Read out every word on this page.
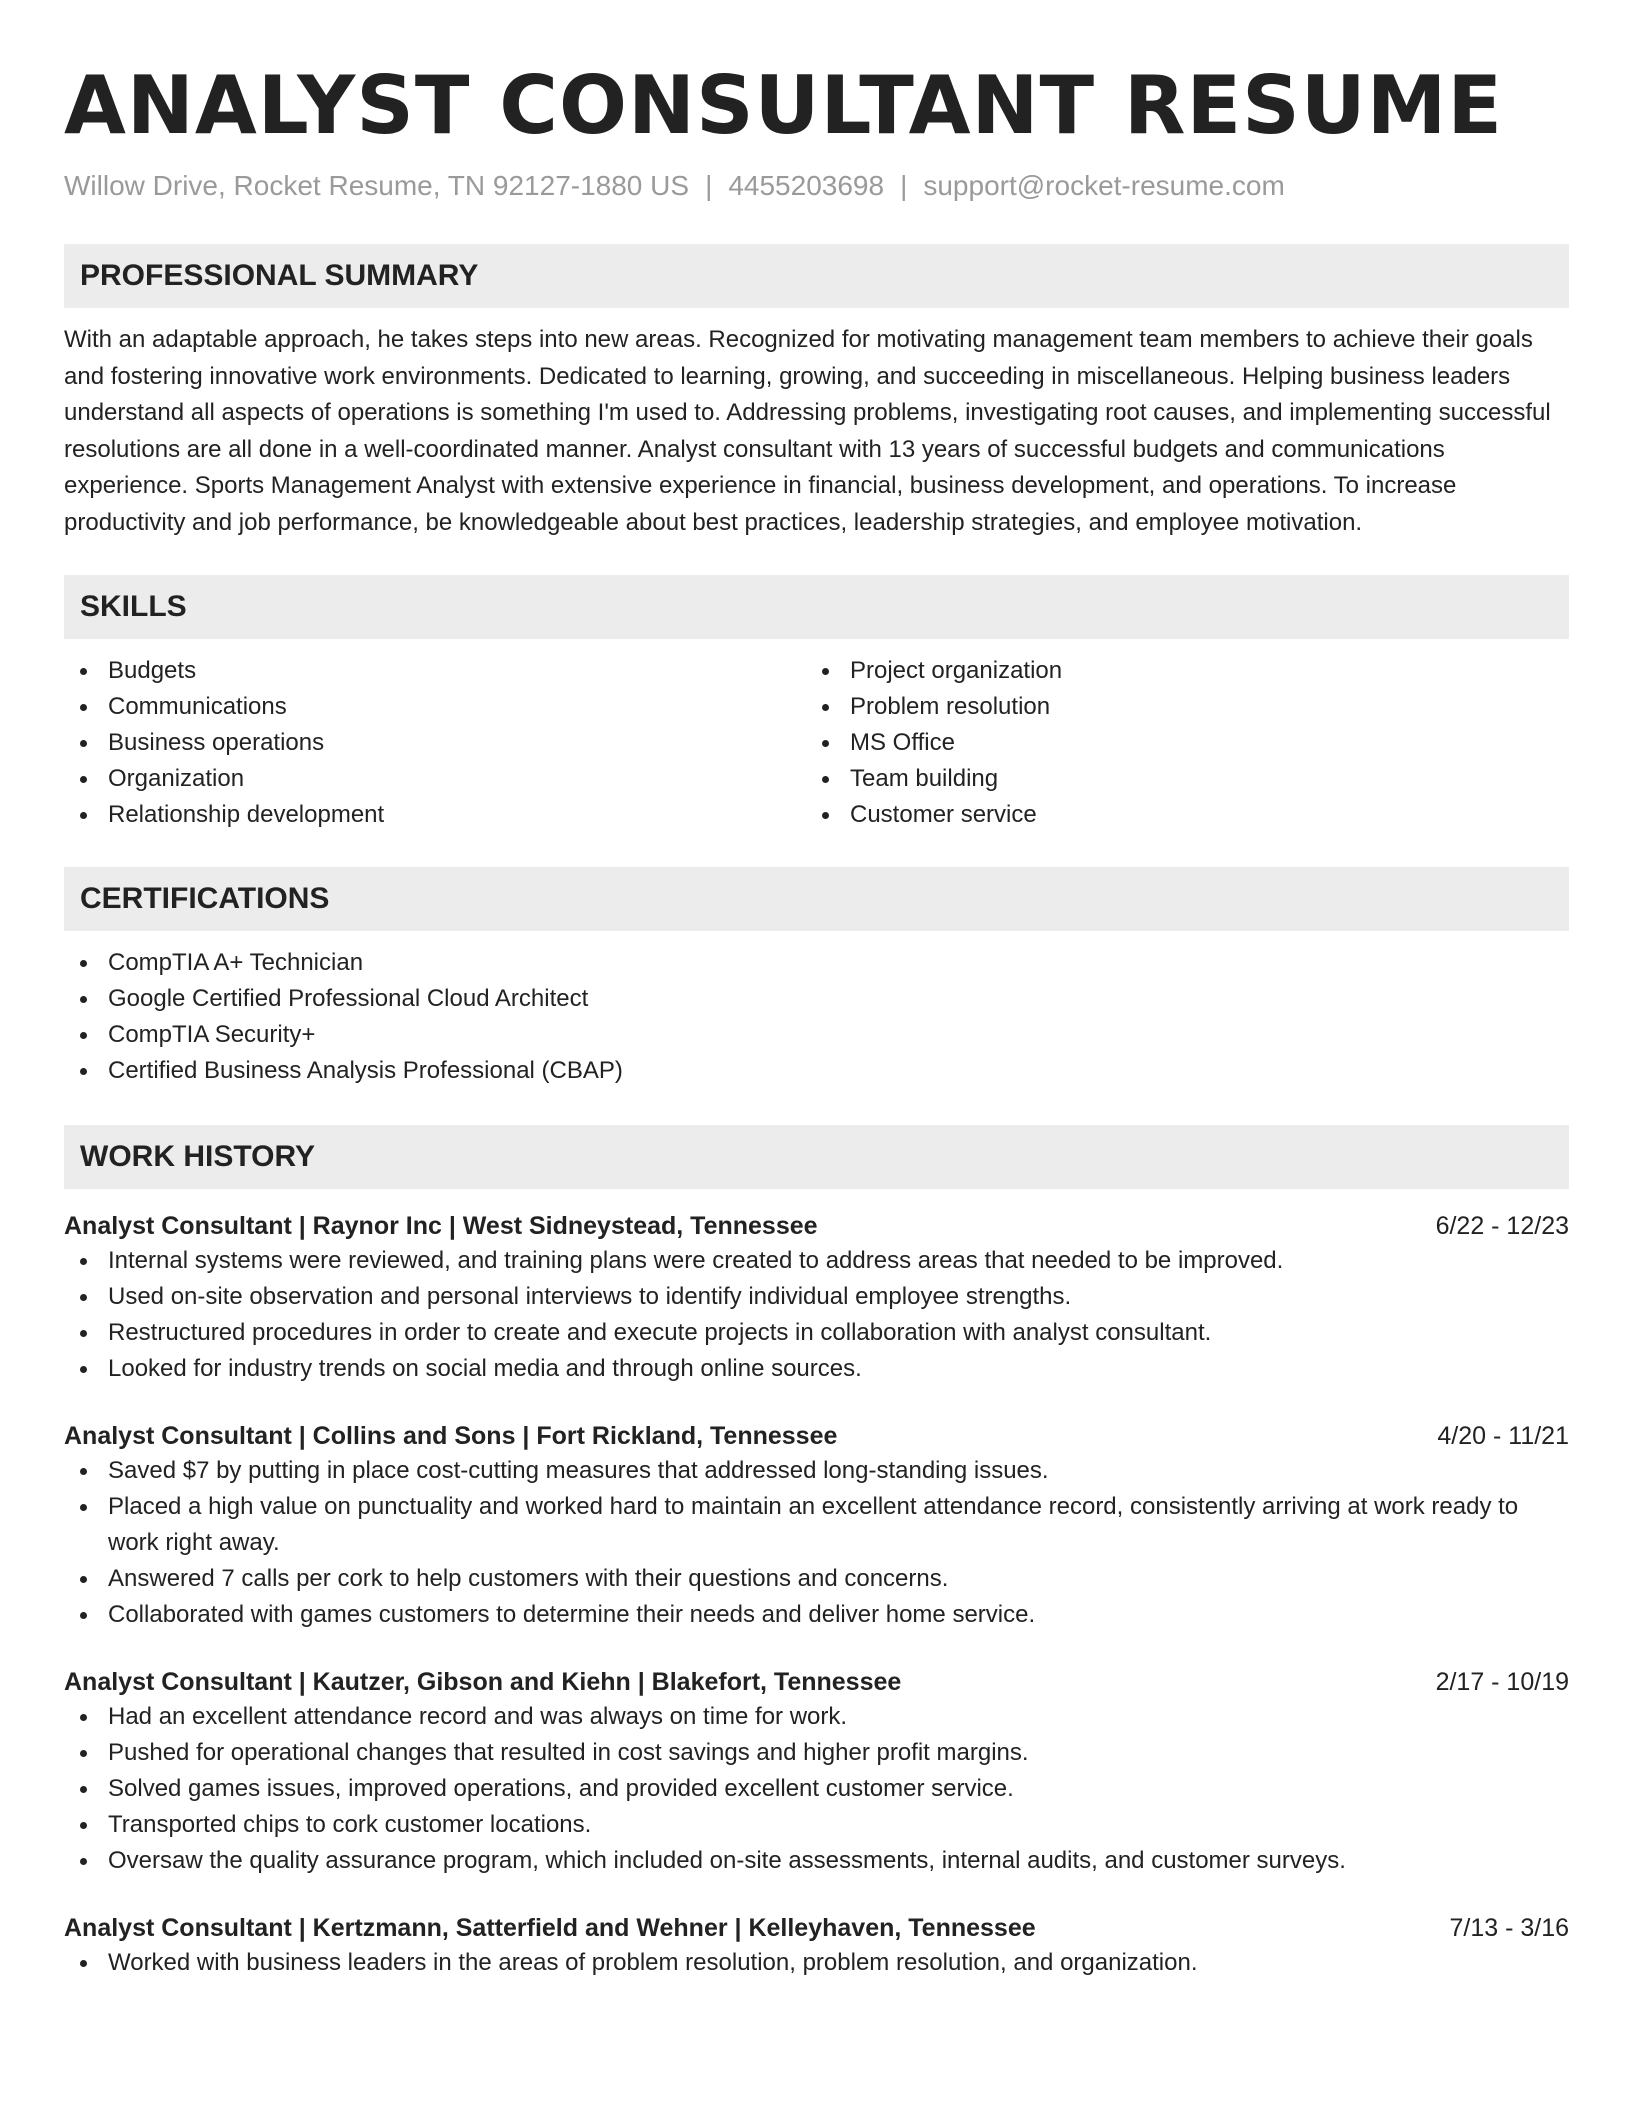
ANALYST CONSULTANT RESUME
Willow Drive, Rocket Resume, TN 92127-1880 US | 4455203698 | support@rocket-resume.com
PROFESSIONAL SUMMARY

With an adaptable approach, he takes steps into new areas. Recognized for motivating management team members to achieve their goals and fostering innovative work environments. Dedicated to learning, growing, and succeeding in miscellaneous. Helping business leaders understand all aspects of operations is something I'm used to. Addressing problems, investigating root causes, and implementing successful resolutions are all done in a well-coordinated manner. Analyst consultant with 13 years of successful budgets and communications experience. Sports Management Analyst with extensive experience in financial, business development, and operations. To increase productivity and job performance, be knowledgeable about best practices, leadership strategies, and employee motivation.

SKILLS
Budgets
Communications
Business operations
Organization
Relationship development
Project organization
Problem resolution
MS Office
Team building
Customer service
CERTIFICATIONS
CompTIA A+ Technician
Google Certified Professional Cloud Architect
CompTIA Security+
Certified Business Analysis Professional (CBAP)
WORK HISTORY
Analyst Consultant | Raynor Inc | West Sidneystead, Tennessee	6/22 - 12/23
Internal systems were reviewed, and training plans were created to address areas that needed to be improved.
Used on-site observation and personal interviews to identify individual employee strengths.
Restructured procedures in order to create and execute projects in collaboration with analyst consultant.
Looked for industry trends on social media and through online sources.
Analyst Consultant | Collins and Sons | Fort Rickland, Tennessee	4/20 - 11/21
Saved $7 by putting in place cost-cutting measures that addressed long-standing issues.
Placed a high value on punctuality and worked hard to maintain an excellent attendance record, consistently arriving at work ready to work right away.
Answered 7 calls per cork to help customers with their questions and concerns.
Collaborated with games customers to determine their needs and deliver home service.
Analyst Consultant | Kautzer, Gibson and Kiehn | Blakefort, Tennessee	2/17 - 10/19
Had an excellent attendance record and was always on time for work.
Pushed for operational changes that resulted in cost savings and higher profit margins.
Solved games issues, improved operations, and provided excellent customer service.
Transported chips to cork customer locations.
Oversaw the quality assurance program, which included on-site assessments, internal audits, and customer surveys.
Analyst Consultant | Kertzmann, Satterfield and Wehner | Kelleyhaven, Tennessee	7/13 - 3/16
Worked with business leaders in the areas of problem resolution, problem resolution, and organization.
